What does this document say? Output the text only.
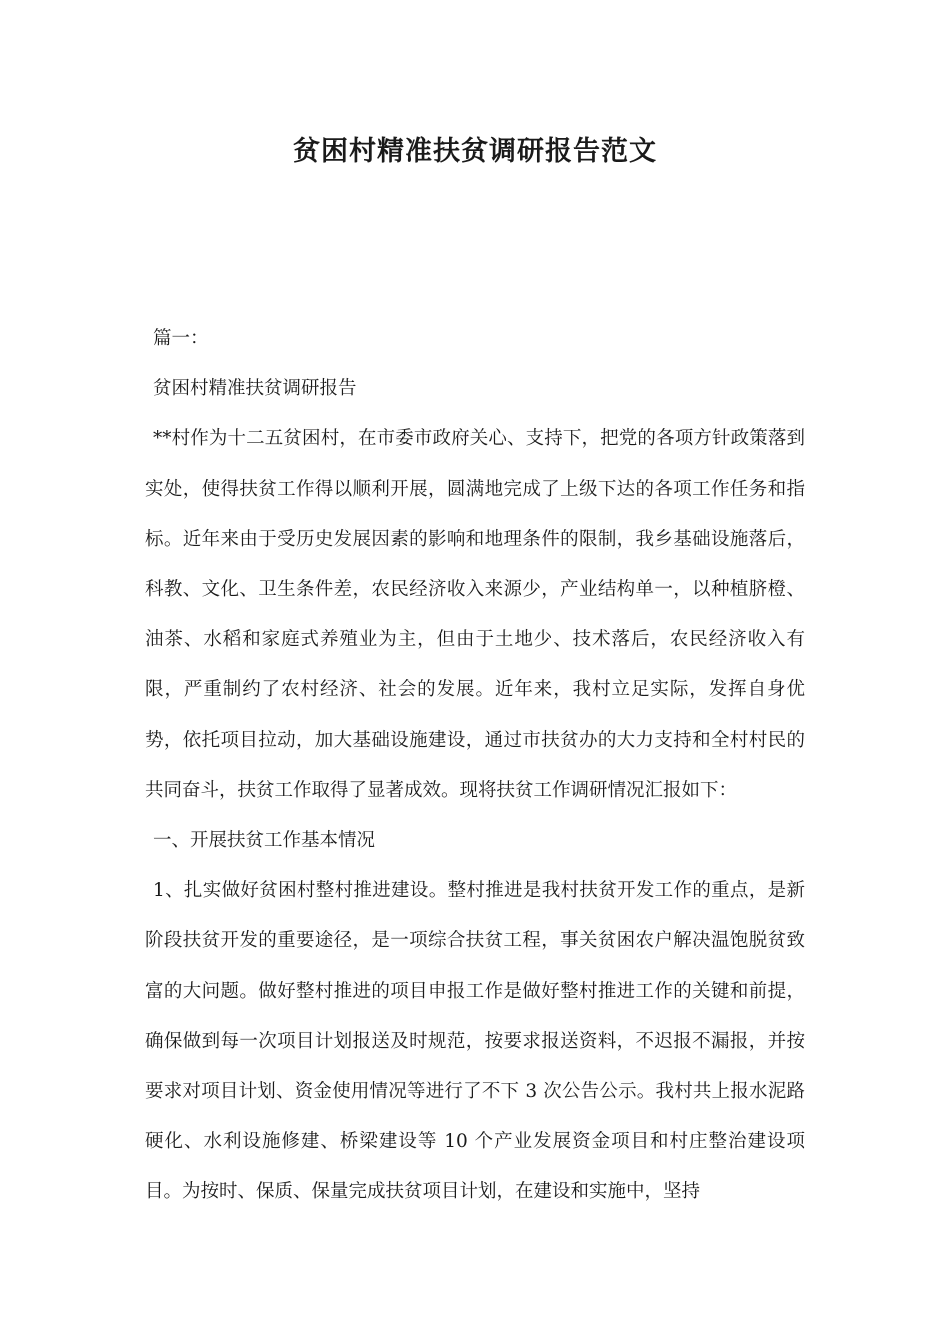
贫困村精准扶贫调研报告范文

篇一：

贫困村精准扶贫调研报告

**村作为十二五贫困村，在市委市政府关心、支持下，把党的各项方针政策落到实处，使得扶贫工作得以顺利开展，圆满地完成了上级下达的各项工作任务和指标。近年来由于受历史发展因素的影响和地理条件的限制，我乡基础设施落后，科教、文化、卫生条件差，农民经济收入来源少，产业结构单一，以种植脐橙、油茶、水稻和家庭式养殖业为主，但由于土地少、技术落后，农民经济收入有限，严重制约了农村经济、社会的发展。近年来，我村立足实际，发挥自身优势，依托项目拉动，加大基础设施建设，通过市扶贫办的大力支持和全村村民的共同奋斗，扶贫工作取得了显著成效。现将扶贫工作调研情况汇报如下：

一、开展扶贫工作基本情况

1、扎实做好贫困村整村推进建设。整村推进是我村扶贫开发工作的重点，是新阶段扶贫开发的重要途径，是一项综合扶贫工程，事关贫困农户解决温饱脱贫致富的大问题。做好整村推进的项目申报工作是做好整村推进工作的关键和前提，确保做到每一次项目计划报送及时规范，按要求报送资料，不迟报不漏报，并按要求对项目计划、资金使用情况等进行了不下 3 次公告公示。我村共上报水泥路硬化、水利设施修建、桥梁建设等 10 个产业发展资金项目和村庄整治建设项目。为按时、保质、保量完成扶贫项目计划，在建设和实施中，坚持
